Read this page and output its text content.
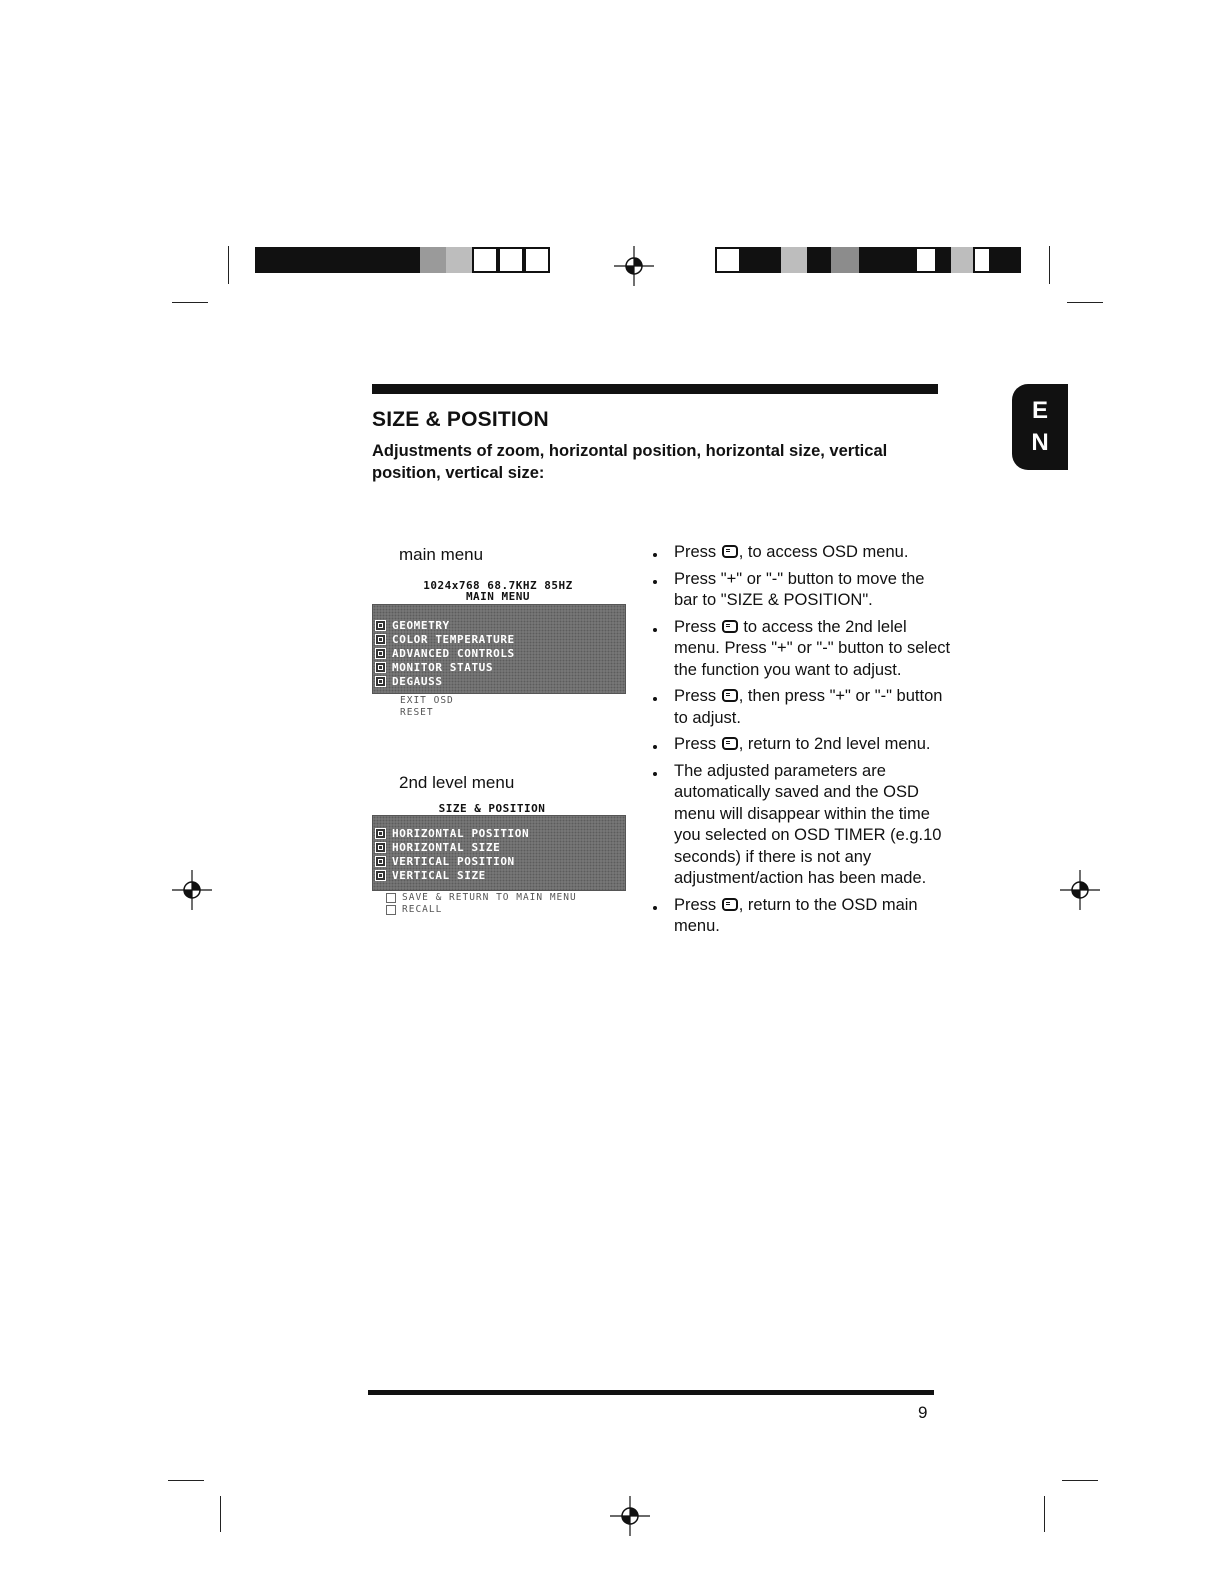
SIZE & POSITION
Adjustments of zoom, horizontal position, horizontal size, vertical position, vertical size:
E
N
main menu
1024x768 68.7KHZ 85HZ
MAIN MENU
GEOMETRY
COLOR TEMPERATURE
ADVANCED CONTROLS
MONITOR STATUS
DEGAUSS
EXIT OSD
RESET
2nd level menu
SIZE & POSITION
HORIZONTAL POSITION
HORIZONTAL SIZE
VERTICAL POSITION
VERTICAL SIZE
SAVE & RETURN TO MAIN MENU
RECALL
Press , to access OSD menu.
Press "+" or "-" button to move the bar to "SIZE & POSITION".
Press  to access the 2nd lelel menu. Press "+" or "-" button to select the function you want to adjust.
Press , then press "+" or "-" button to adjust.
Press , return to 2nd level menu.
The adjusted parameters are automatically saved and the OSD menu will disappear within the time you selected on OSD TIMER (e.g.10 seconds) if there is not any adjustment/action has been made.
Press , return to the OSD main menu.
9
